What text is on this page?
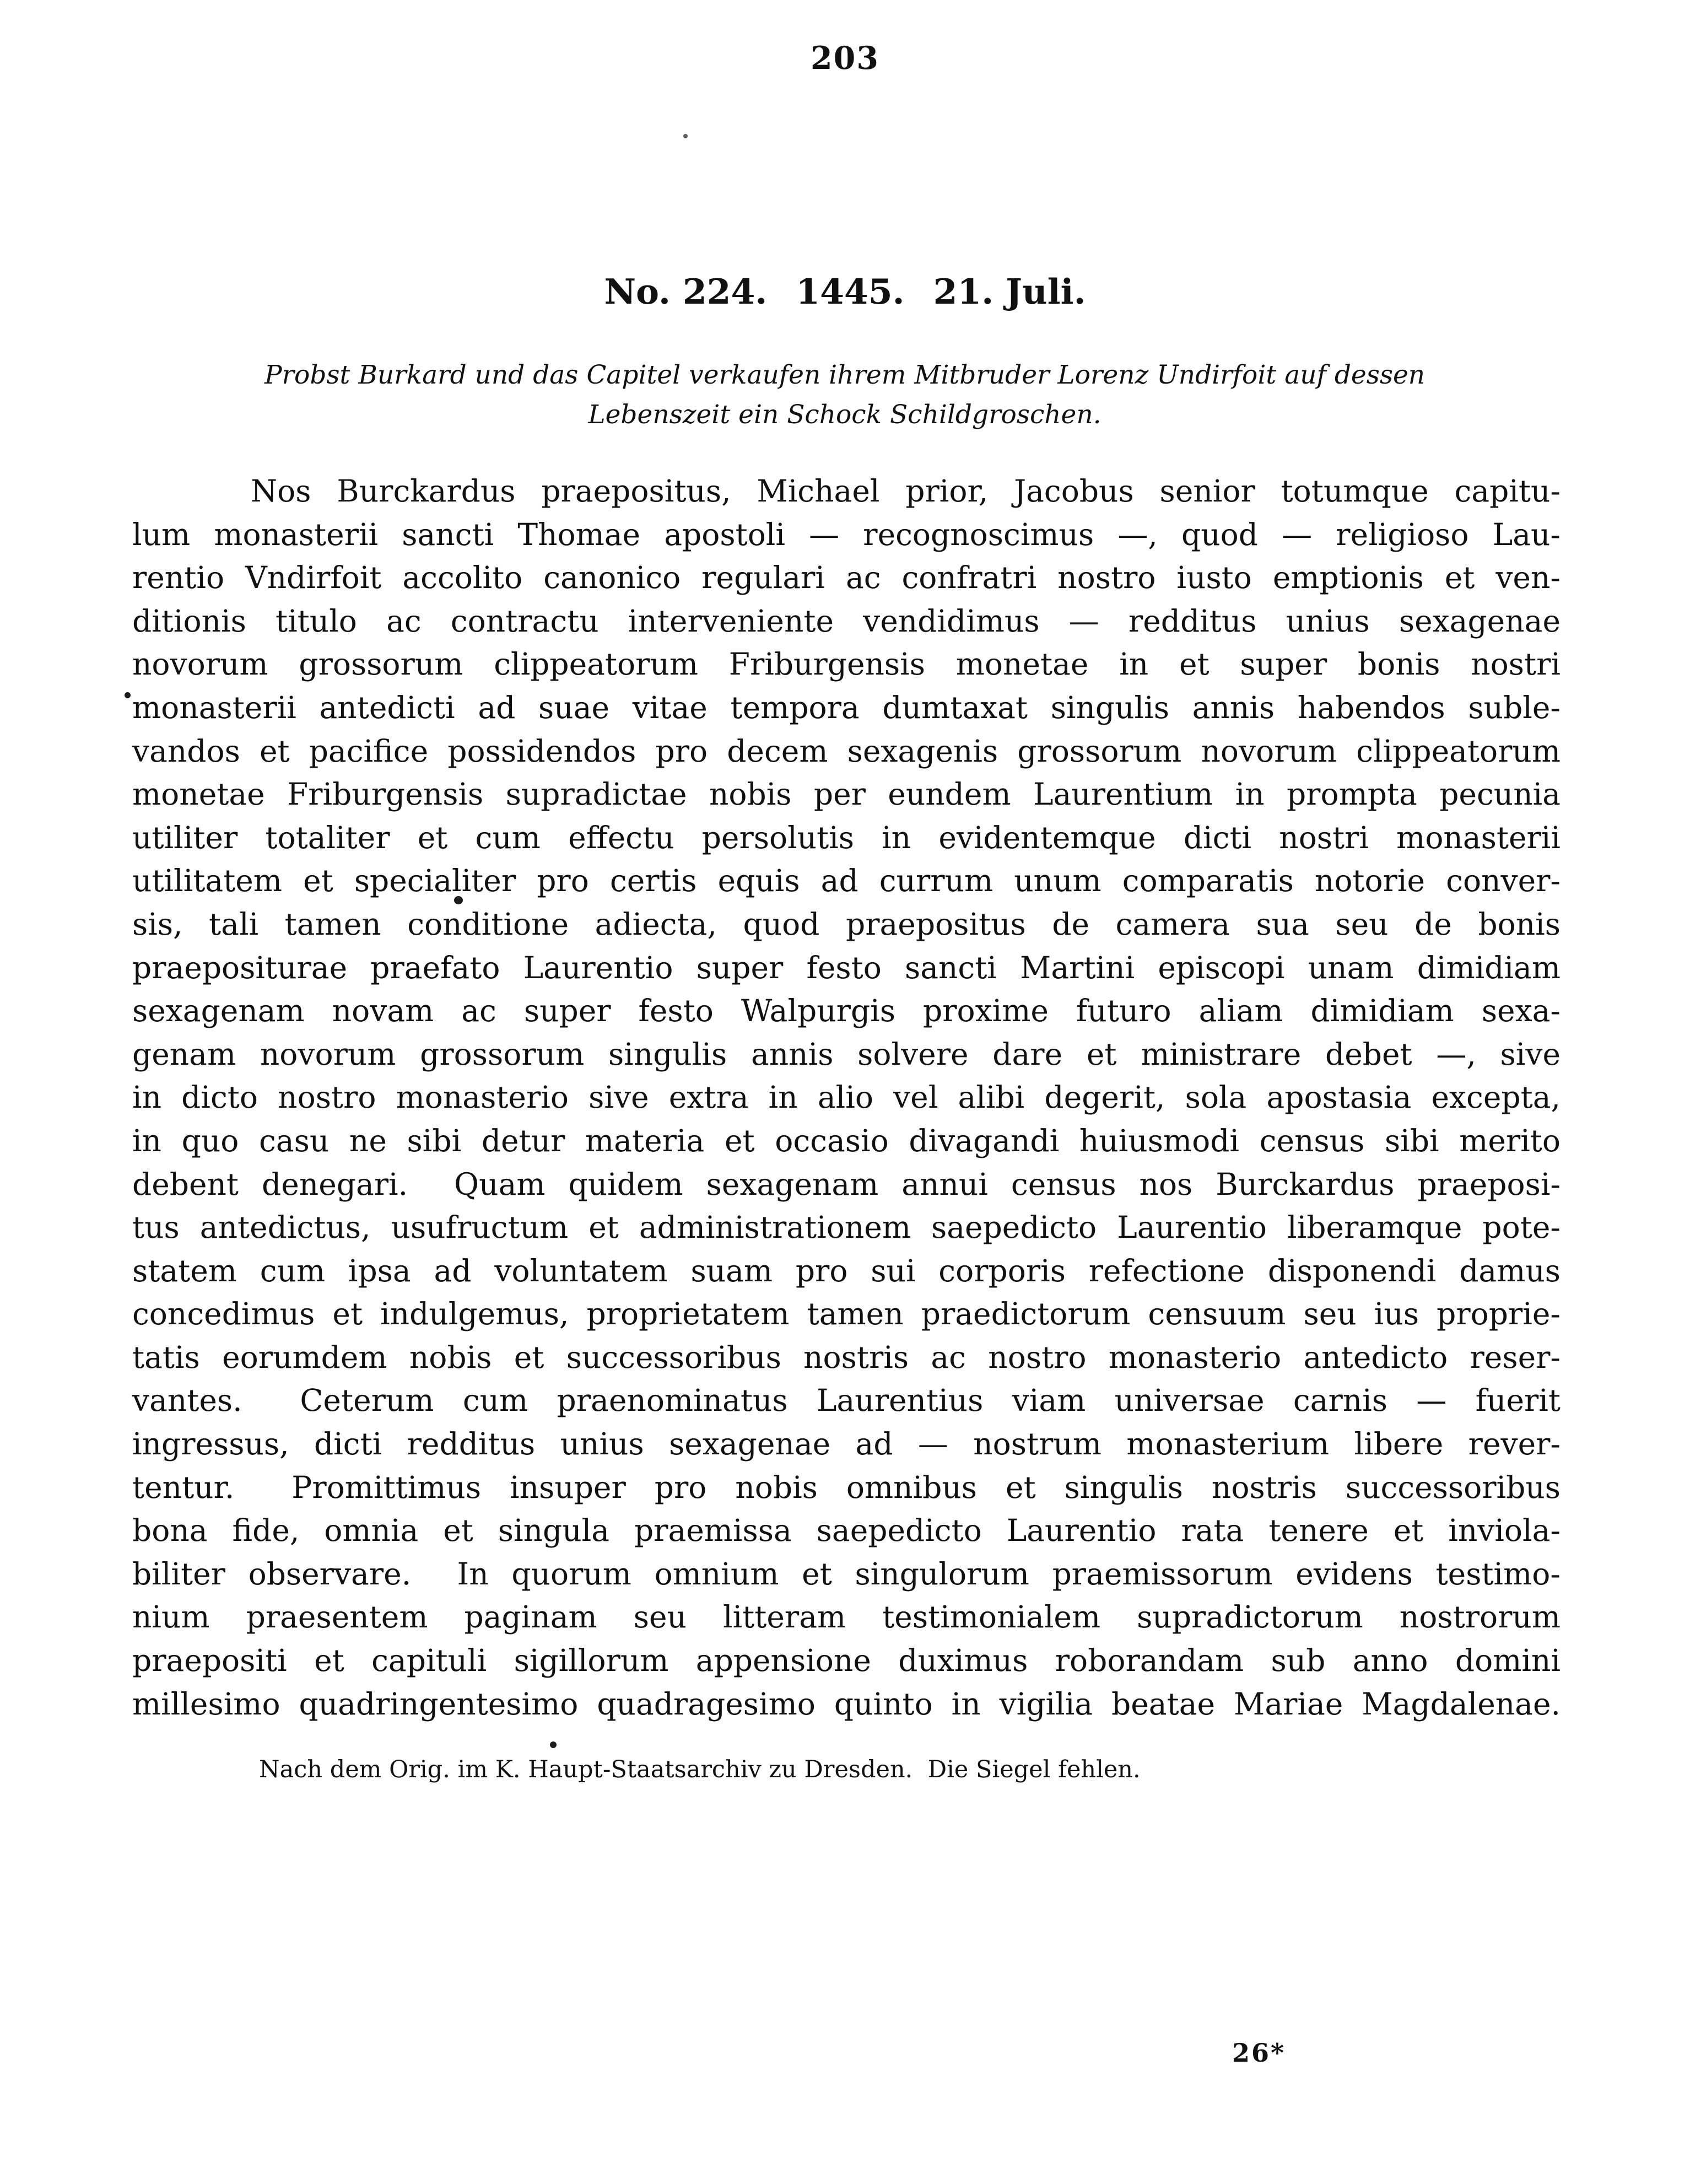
203
No. 224. 1445. 21. Juli.
Probst Burkard und das Capitel verkaufen ihrem Mitbruder Lorenz Undirfoit auf dessen
Lebenszeit ein Schock Schildgroschen.
Nos Burckardus praepositus, Michael prior, Jacobus senior totumque capitu-
lum monasterii sancti Thomae apostoli — recognoscimus —, quod — religioso Lau-
rentio Vndirfoit accolito canonico regulari ac confratri nostro iusto emptionis et ven-
ditionis titulo ac contractu interveniente vendidimus — redditus unius sexagenae
novorum grossorum clippeatorum Friburgensis monetae in et super bonis nostri
monasterii antedicti ad suae vitae tempora dumtaxat singulis annis habendos suble-
vandos et pacifice possidendos pro decem sexagenis grossorum novorum clippeatorum
monetae Friburgensis supradictae nobis per eundem Laurentium in prompta pecunia
utiliter totaliter et cum effectu persolutis in evidentemque dicti nostri monasterii
utilitatem et specialiter pro certis equis ad currum unum comparatis notorie conver-
sis, tali tamen conditione adiecta, quod praepositus de camera sua seu de bonis
praepositurae praefato Laurentio super festo sancti Martini episcopi unam dimidiam
sexagenam novam ac super festo Walpurgis proxime futuro aliam dimidiam sexa-
genam novorum grossorum singulis annis solvere dare et ministrare debet —, sive
in dicto nostro monasterio sive extra in alio vel alibi degerit, sola apostasia excepta,
in quo casu ne sibi detur materia et occasio divagandi huiusmodi census sibi merito
debent denegari.  Quam quidem sexagenam annui census nos Burckardus praeposi-
tus antedictus, usufructum et administrationem saepedicto Laurentio liberamque pote-
statem cum ipsa ad voluntatem suam pro sui corporis refectione disponendi damus
concedimus et indulgemus, proprietatem tamen praedictorum censuum seu ius proprie-
tatis eorumdem nobis et successoribus nostris ac nostro monasterio antedicto reser-
vantes.  Ceterum cum praenominatus Laurentius viam universae carnis — fuerit
ingressus, dicti redditus unius sexagenae ad — nostrum monasterium libere rever-
tentur.  Promittimus insuper pro nobis omnibus et singulis nostris successoribus
bona fide, omnia et singula praemissa saepedicto Laurentio rata tenere et inviola-
biliter observare.  In quorum omnium et singulorum praemissorum evidens testimo-
nium praesentem paginam seu litteram testimonialem supradictorum nostrorum
praepositi et capituli sigillorum appensione duximus roborandam sub anno domini
millesimo quadringentesimo quadragesimo quinto in vigilia beatae Mariae Magdalenae.
Nach dem Orig. im K. Haupt-Staatsarchiv zu Dresden.  Die Siegel fehlen.
26*
